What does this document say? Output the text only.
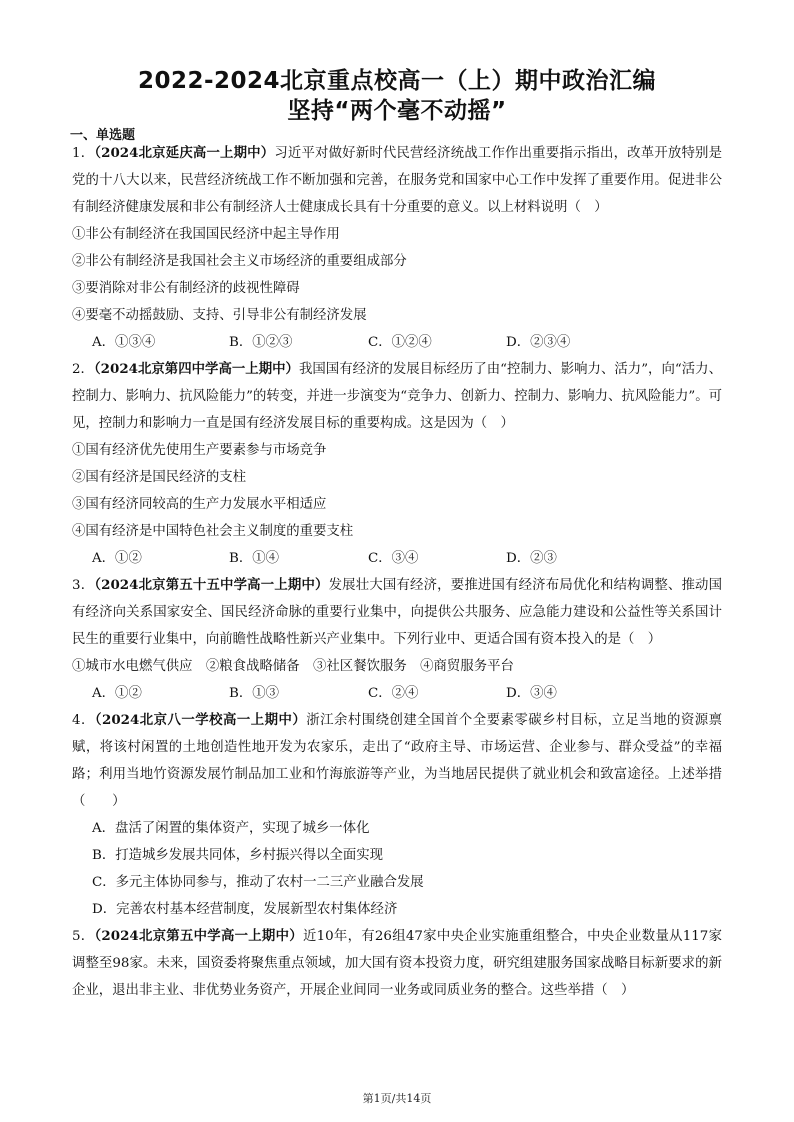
2022-2024北京重点校高一（上）期中政治汇编
坚持“两个毫不动摇”
一、单选题

1．（2024北京延庆高一上期中）习近平对做好新时代民营经济统战工作作出重要指示指出，改革开放特别是党的十八大以来，民营经济统战工作不断加强和完善，在服务党和国家中心工作中发挥了重要作用。促进非公有制经济健康发展和非公有制经济人士健康成长具有十分重要的意义。以上材料说明（　）

①非公有制经济在我国国民经济中起主导作用

②非公有制经济是我国社会主义市场经济的重要组成部分

③要消除对非公有制经济的歧视性障碍

④要毫不动摇鼓励、支持、引导非公有制经济发展

A．①③④	B．①②③	C．①②④	D．②③④

2．（2024北京第四中学高一上期中）我国国有经济的发展目标经历了由“控制力、影响力、活力”，向“活力、控制力、影响力、抗风险能力”的转变，并进一步演变为“竞争力、创新力、控制力、影响力、抗风险能力”。可见，控制力和影响力一直是国有经济发展目标的重要构成。这是因为（　）

①国有经济优先使用生产要素参与市场竞争

②国有经济是国民经济的支柱

③国有经济同较高的生产力发展水平相适应

④国有经济是中国特色社会主义制度的重要支柱

A．①②	B．①④	C．③④	D．②③

3．（2024北京第五十五中学高一上期中）发展壮大国有经济，要推进国有经济布局优化和结构调整、推动国有经济向关系国家安全、国民经济命脉的重要行业集中，向提供公共服务、应急能力建设和公益性等关系国计民生的重要行业集中，向前瞻性战略性新兴产业集中。下列行业中、更适合国有资本投入的是（　）

①城市水电燃气供应　②粮食战略储备　③社区餐饮服务　④商贸服务平台

A．①②	B．①③	C．②④	D．③④

4．（2024北京八一学校高一上期中）浙江余村围绕创建全国首个全要素零碳乡村目标，立足当地的资源禀赋，将该村闲置的土地创造性地开发为农家乐，走出了“政府主导、市场运营、企业参与、群众受益”的幸福路；利用当地竹资源发展竹制品加工业和竹海旅游等产业，为当地居民提供了就业机会和致富途径。上述举措（　　）

A．盘活了闲置的集体资产，实现了城乡一体化

B．打造城乡发展共同体，乡村振兴得以全面实现

C．多元主体协同参与，推动了农村一二三产业融合发展

D．完善农村基本经营制度，发展新型农村集体经济

5．（2024北京第五中学高一上期中）近10年，有26组47家中央企业实施重组整合，中央企业数量从117家调整至98家。未来，国资委将聚焦重点领域，加大国有资本投资力度，研究组建服务国家战略目标新要求的新企业，退出非主业、非优势业务资产，开展企业间同一业务或同质业务的整合。这些举措（　）

第1页/共14页
